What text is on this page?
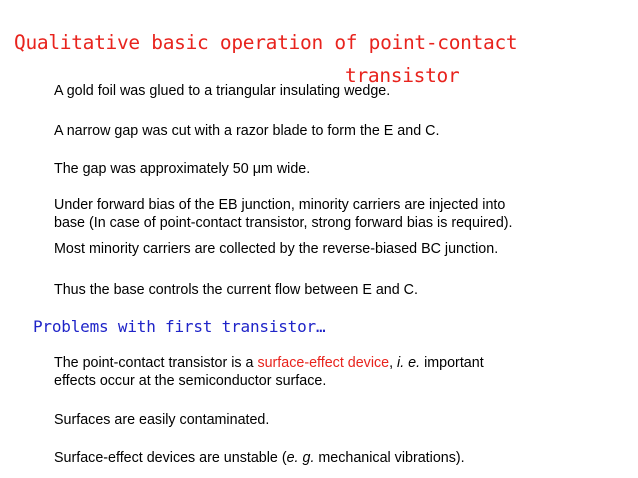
Qualitative basic operation of point-contact
transistor
A gold foil was glued to a triangular insulating wedge.
A narrow gap was cut with a razor blade to form the E and C.
The gap was approximately 50 μm wide.
Under forward bias of the EB junction, minority carriers are injected into
base (In case of point-contact transistor, strong forward bias is required).
Most minority carriers are collected by the reverse-biased BC junction.
Thus the base controls the current flow between E and C.
Problems with first transistor…
The point-contact transistor is a surface-effect device, i. e. important
effects occur at the semiconductor surface.
Surfaces are easily contaminated.
Surface-effect devices are unstable (e. g. mechanical vibrations).
